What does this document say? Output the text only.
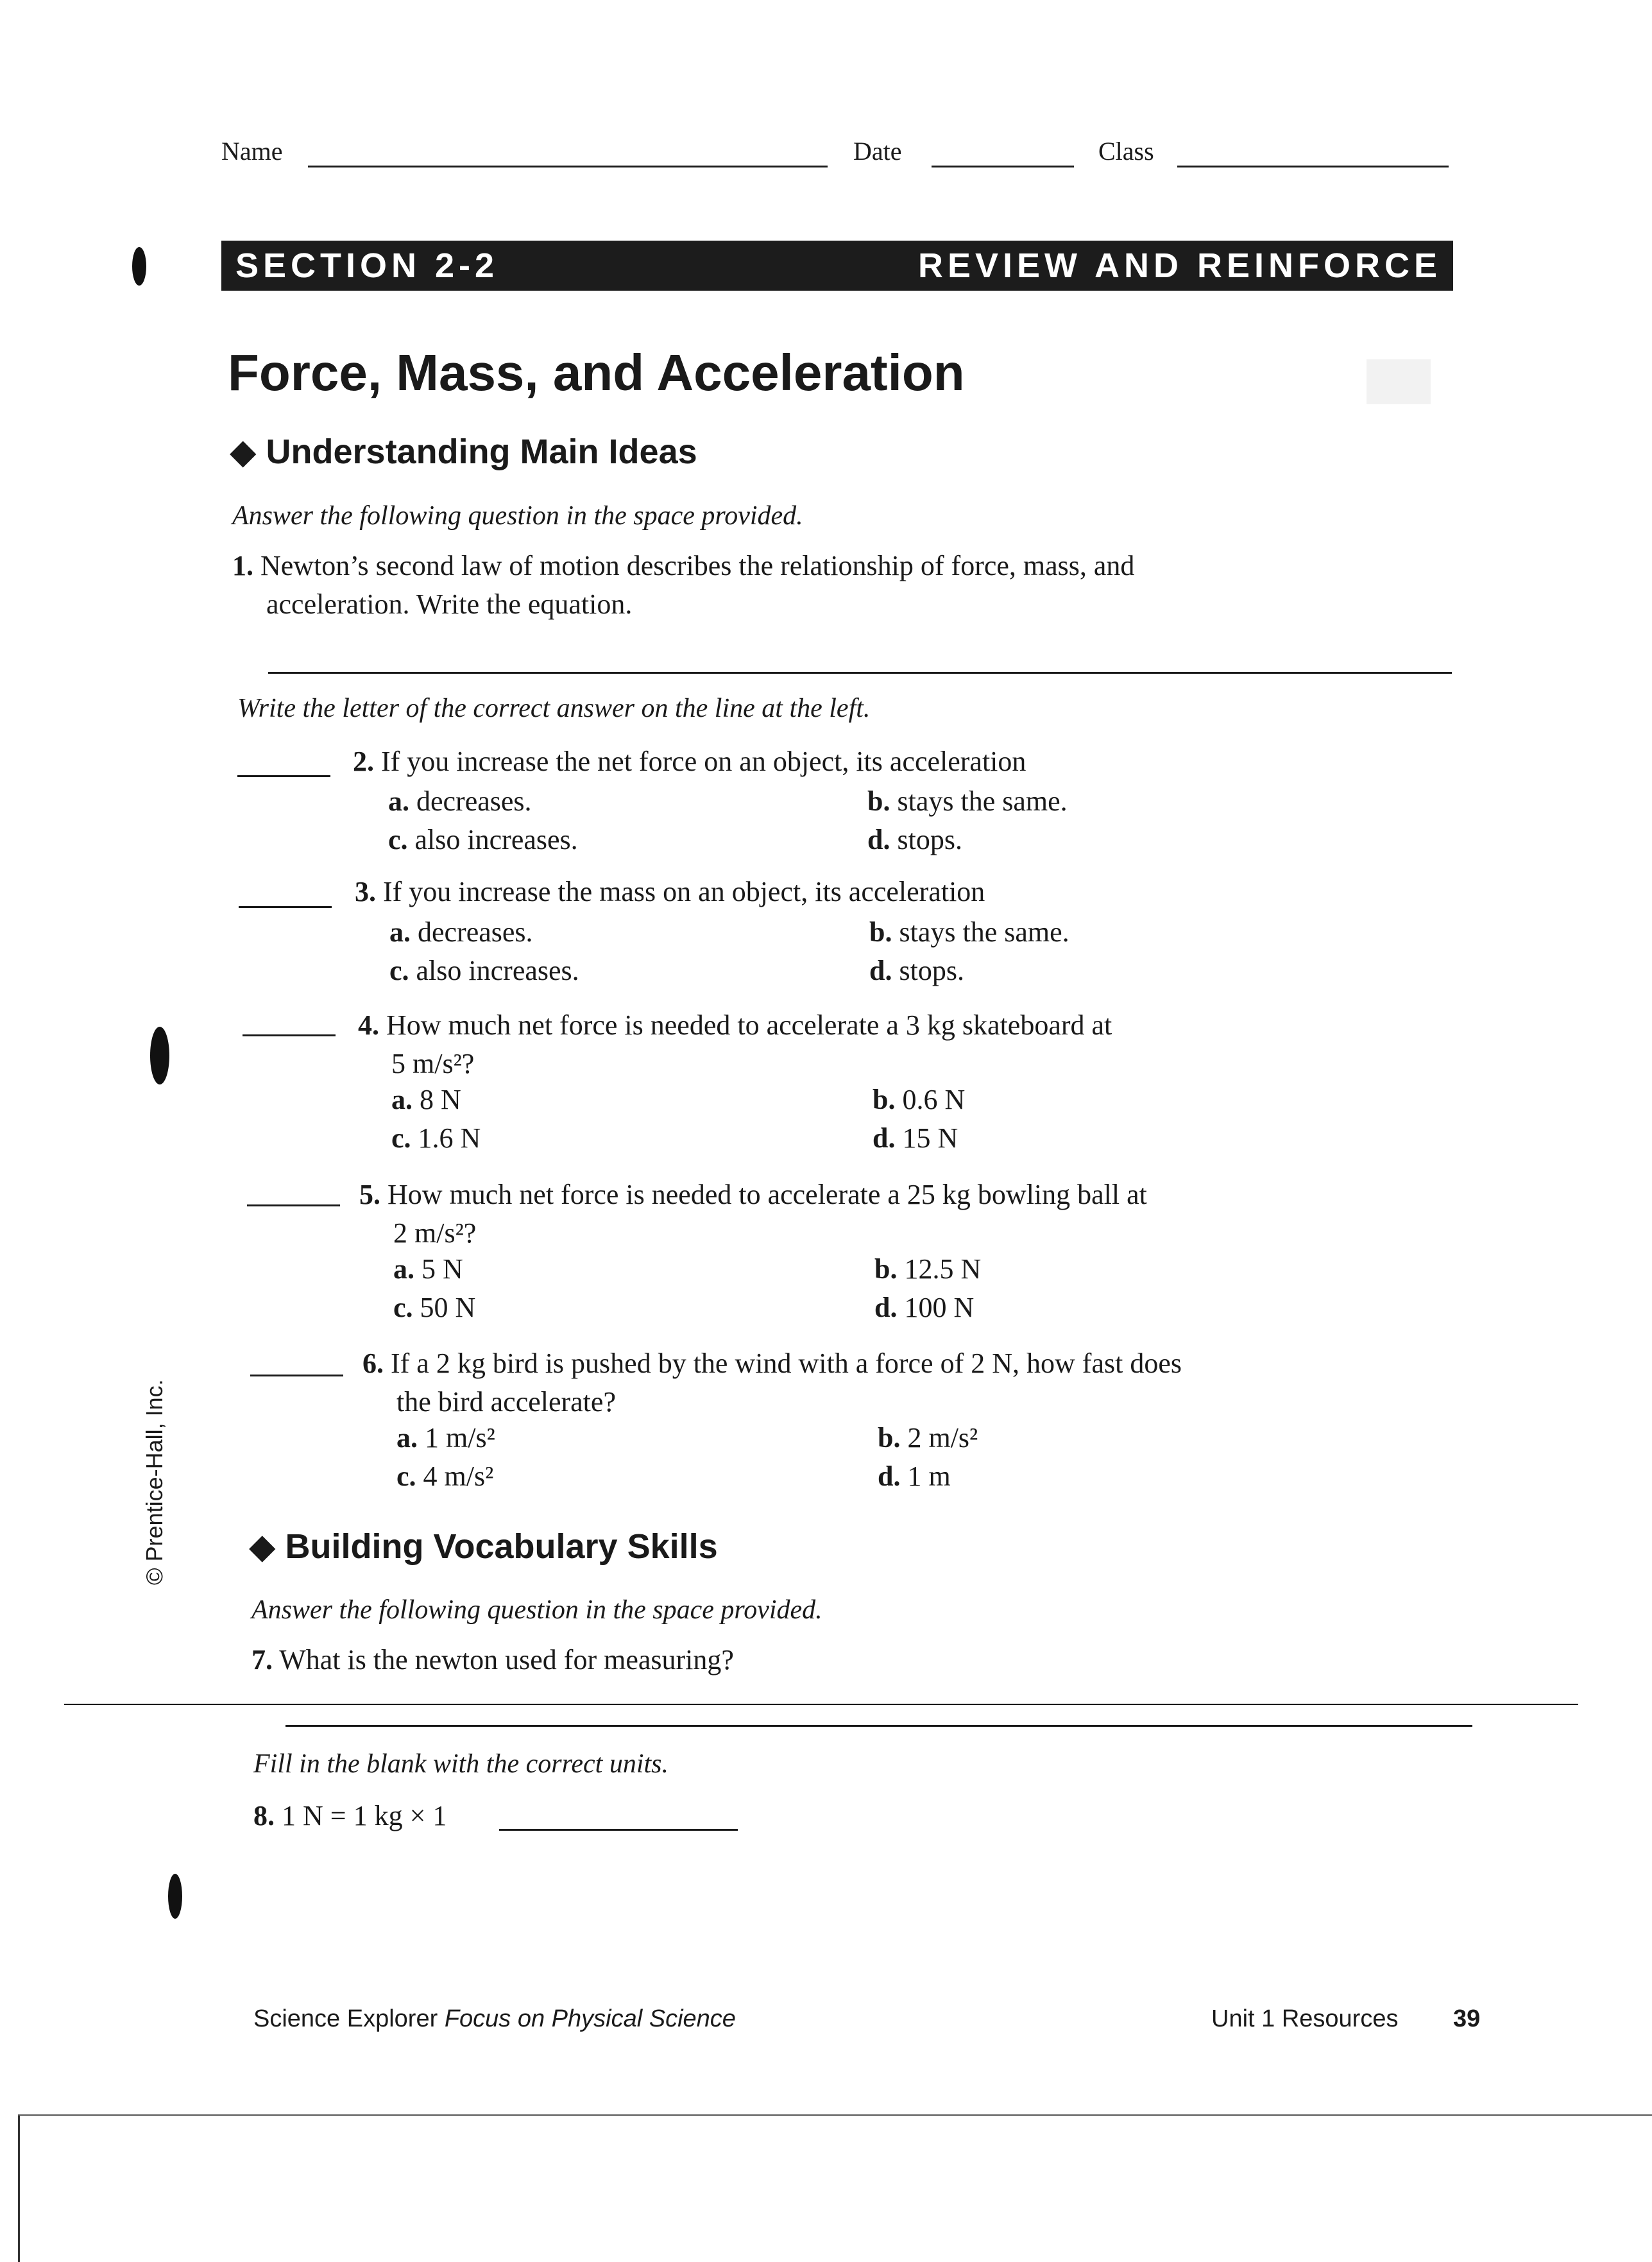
Name	Date	Class
SECTION 2-2	REVIEW AND REINFORCE
Force, Mass, and Acceleration
◆ Understanding Main Ideas
Answer the following question in the space provided.
1. Newton’s second law of motion describes the relationship of force, mass, and
acceleration. Write the equation.
Write the letter of the correct answer on the line at the left.
2. If you increase the net force on an object, its acceleration
a. decreases.	b. stays the same.
c. also increases.	d. stops.
3. If you increase the mass on an object, its acceleration
a. decreases.	b. stays the same.
c. also increases.	d. stops.
4. How much net force is needed to accelerate a 3 kg skateboard at
5 m/s²?
a. 8 N	b. 0.6 N
c. 1.6 N	d. 15 N
5. How much net force is needed to accelerate a 25 kg bowling ball at
2 m/s²?
a. 5 N	b. 12.5 N
c. 50 N	d. 100 N
6. If a 2 kg bird is pushed by the wind with a force of 2 N, how fast does
the bird accelerate?
a. 1 m/s²	b. 2 m/s²
c. 4 m/s²	d. 1 m
© Prentice-Hall, Inc. ◆ Building Vocabulary Skills
Answer the following question in the space provided.
7. What is the newton used for measuring?
Fill in the blank with the correct units.
8. 1 N = 1 kg × 1
Science Explorer Focus on Physical Science	Unit 1 Resources 39
